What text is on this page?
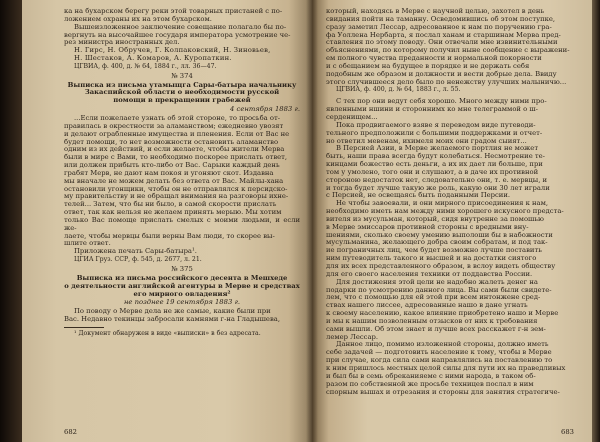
ка на бухарском берегу реки этой товарных пристаней с по-

ложением охраны их на этом бухарском.

Вышеизложенное заключение совещание полагало бы по-

вергнуть на высочайшее государя императора усмотрение че-

рез министра иностранных дел.

Н. Гирс, Н. Обручев, Г. Колпаковский, Н. Зиновьев,

Н. Шестаков, А. Комаров, А. Куропаткин.

ЦГВИА, ф. 400, д. № 64, 1884 г., лл. 36—47.

№ 374

Выписка из письма утамыщга Сары-батыра начальнику

Закаспийской области о необходимости русской

помощи в прекращении грабежей

4 сентября 1883 г.

...Если пожелаете узнать об этой стороне, то просьба от-

правилась в окрестности за аламанством; ежедневно увозят

и делают ограбленные имущества и пленения. Если от Вас не

будет помощи, то нет возможности остановить аламанство

одним из их действий, и если желаете, чтобы жители Мерва

были в мире с Вами, то необходимо поскорее прислать ответ,

или должен прибыть кто-либо от Вас. Сарыки каждый день

грабят Мерв, не дают нам покоя и угоняют скот. Издавна

мы вначале не можем делать без ответа от Вас. Майлы-хана

остановили угонщики, чтобы он не отправлялся к персидско-

му правительству и не обращал внимания на разговоры ихне-

телей... Затем, что бы ни было, в самой скорости прислать

ответ, так как нельзя не желаем принять мерыю. Мы хотим

только Вас помоще прислать смелых с моими людьми, и если же-

лаете, чтобы мервцы были верны Вам люди, то скорее вы-

шлите ответ.

Приложена печать Сары-батыра¹.

ЦГИА Груз. ССР, ф. 545, д. 2677, л. 21.

№ 375

Выписка из письма российского десента в Мешхеде

о деятельности английской агентуры в Мерве и средствах

его мирного овладения²

не позднее 19 сентября 1883 г.

По поводу о Мерве дела не же самые, какие были при

Вас. Недавно текинцы забросали камнями г-на Гладышева,

¹ Документ обнаружен в виде «выписки» в без адресата.

682

который, находясь в Мерве с научной целью, захотел в день

свидания пойти на таманну. Осведомившись об этом поступке,

сразу заметил Лессар, адресованное к нам по поручению гра-

фа Уоллена Нербарта, я послал ханам и старшинам Мерва пред-

ставления по этому поводу. Они отвечали мне извинительными

объяснениями, по которому получил ныне сообщение с выражени-

ем полного чувства преданности и нормальной покорности

и с обещанием на будущее в порядке и не держать себя

подобным же образом и должности и вести добрые дела. Ввиду

этого случившееся дело было по ненежству улучших малыничю...

ЦГВИА, ф. 400, д. № 64, 1883 г., л. 55.

С тех пор они ведут себя хорошо. Много между ними про-

явленными ншини и стороннимх ко мне телеграммой о ш-

серденищем...

Пока продвигаемого взяве я переведом виде путеводи-

тельного предположили с большими поддержками и отчет-

но ответил мевенам, ихимеля моих они градом сыият...

В Персией Азии, в Мерве желаемого портлия не может

быть, наши права всегда будут колебаться. Несмотрение те-

кинцами божество есть деньги, а их их дает ли больше, при

том у умолено, того они и слушают, а в даче их противной

стороною недостаток нет, следовательно они, т. е. мервцы, и

и тогда будет лучше такую же роль, какую они 30 лет играли

с Персией, не освещаясь быть поданными Персии.

Не чтобы завоевали, и они мирного присоединения к нам,

необходимо иметь нам между ними хорошего искусного предста-

вителя из мусульман, который, сидя внутренне за помошью

в Мерве эмиссаров противной стороны с вредными вну-

шениями, сколько своему умению выполоши бы в набожности

мусульманина, желающего добра своим собратам, и под так-

ие пограничных лиц, чем будет возможно лучше поставить

ним путеводитель такого и высшей и на достатки сиятого

для их всех представленного образом, в вслоу видеть обществу

для его своего населения техники от поддавства России.

Для достижения этой цели не надобно жалеть денег на

подарки по усмотрению данного лица. Вы сами были свидете-

лем, что с помощью для ей этой при всем интонжене сред-

ствах нашего лиссее, адресованные нашо в дане угнать

к своему населению, какое влияние приобретено нашо и Мерве

и мы к нашим позволенным отзысков от них к требования

сами вышли. Об этом знает и лучше всех расскажет г-н зем-

лемер Лессар.

Данное лицо, помимо изложенной стороны, должно иметь

себе задачей — подготовить население к тому, чтобы в Мерве

при случае, когда сила сами направлялись на поставлению то

к ним пришлось местных целой силы для пути их на праведливых

и был бы в семь обреканияеме с ними народа, в таком об-

разом по собственной же просьбе техницев послал в ним

спорным вышах и отрезания и стороны для занятия стратегиче-

683
